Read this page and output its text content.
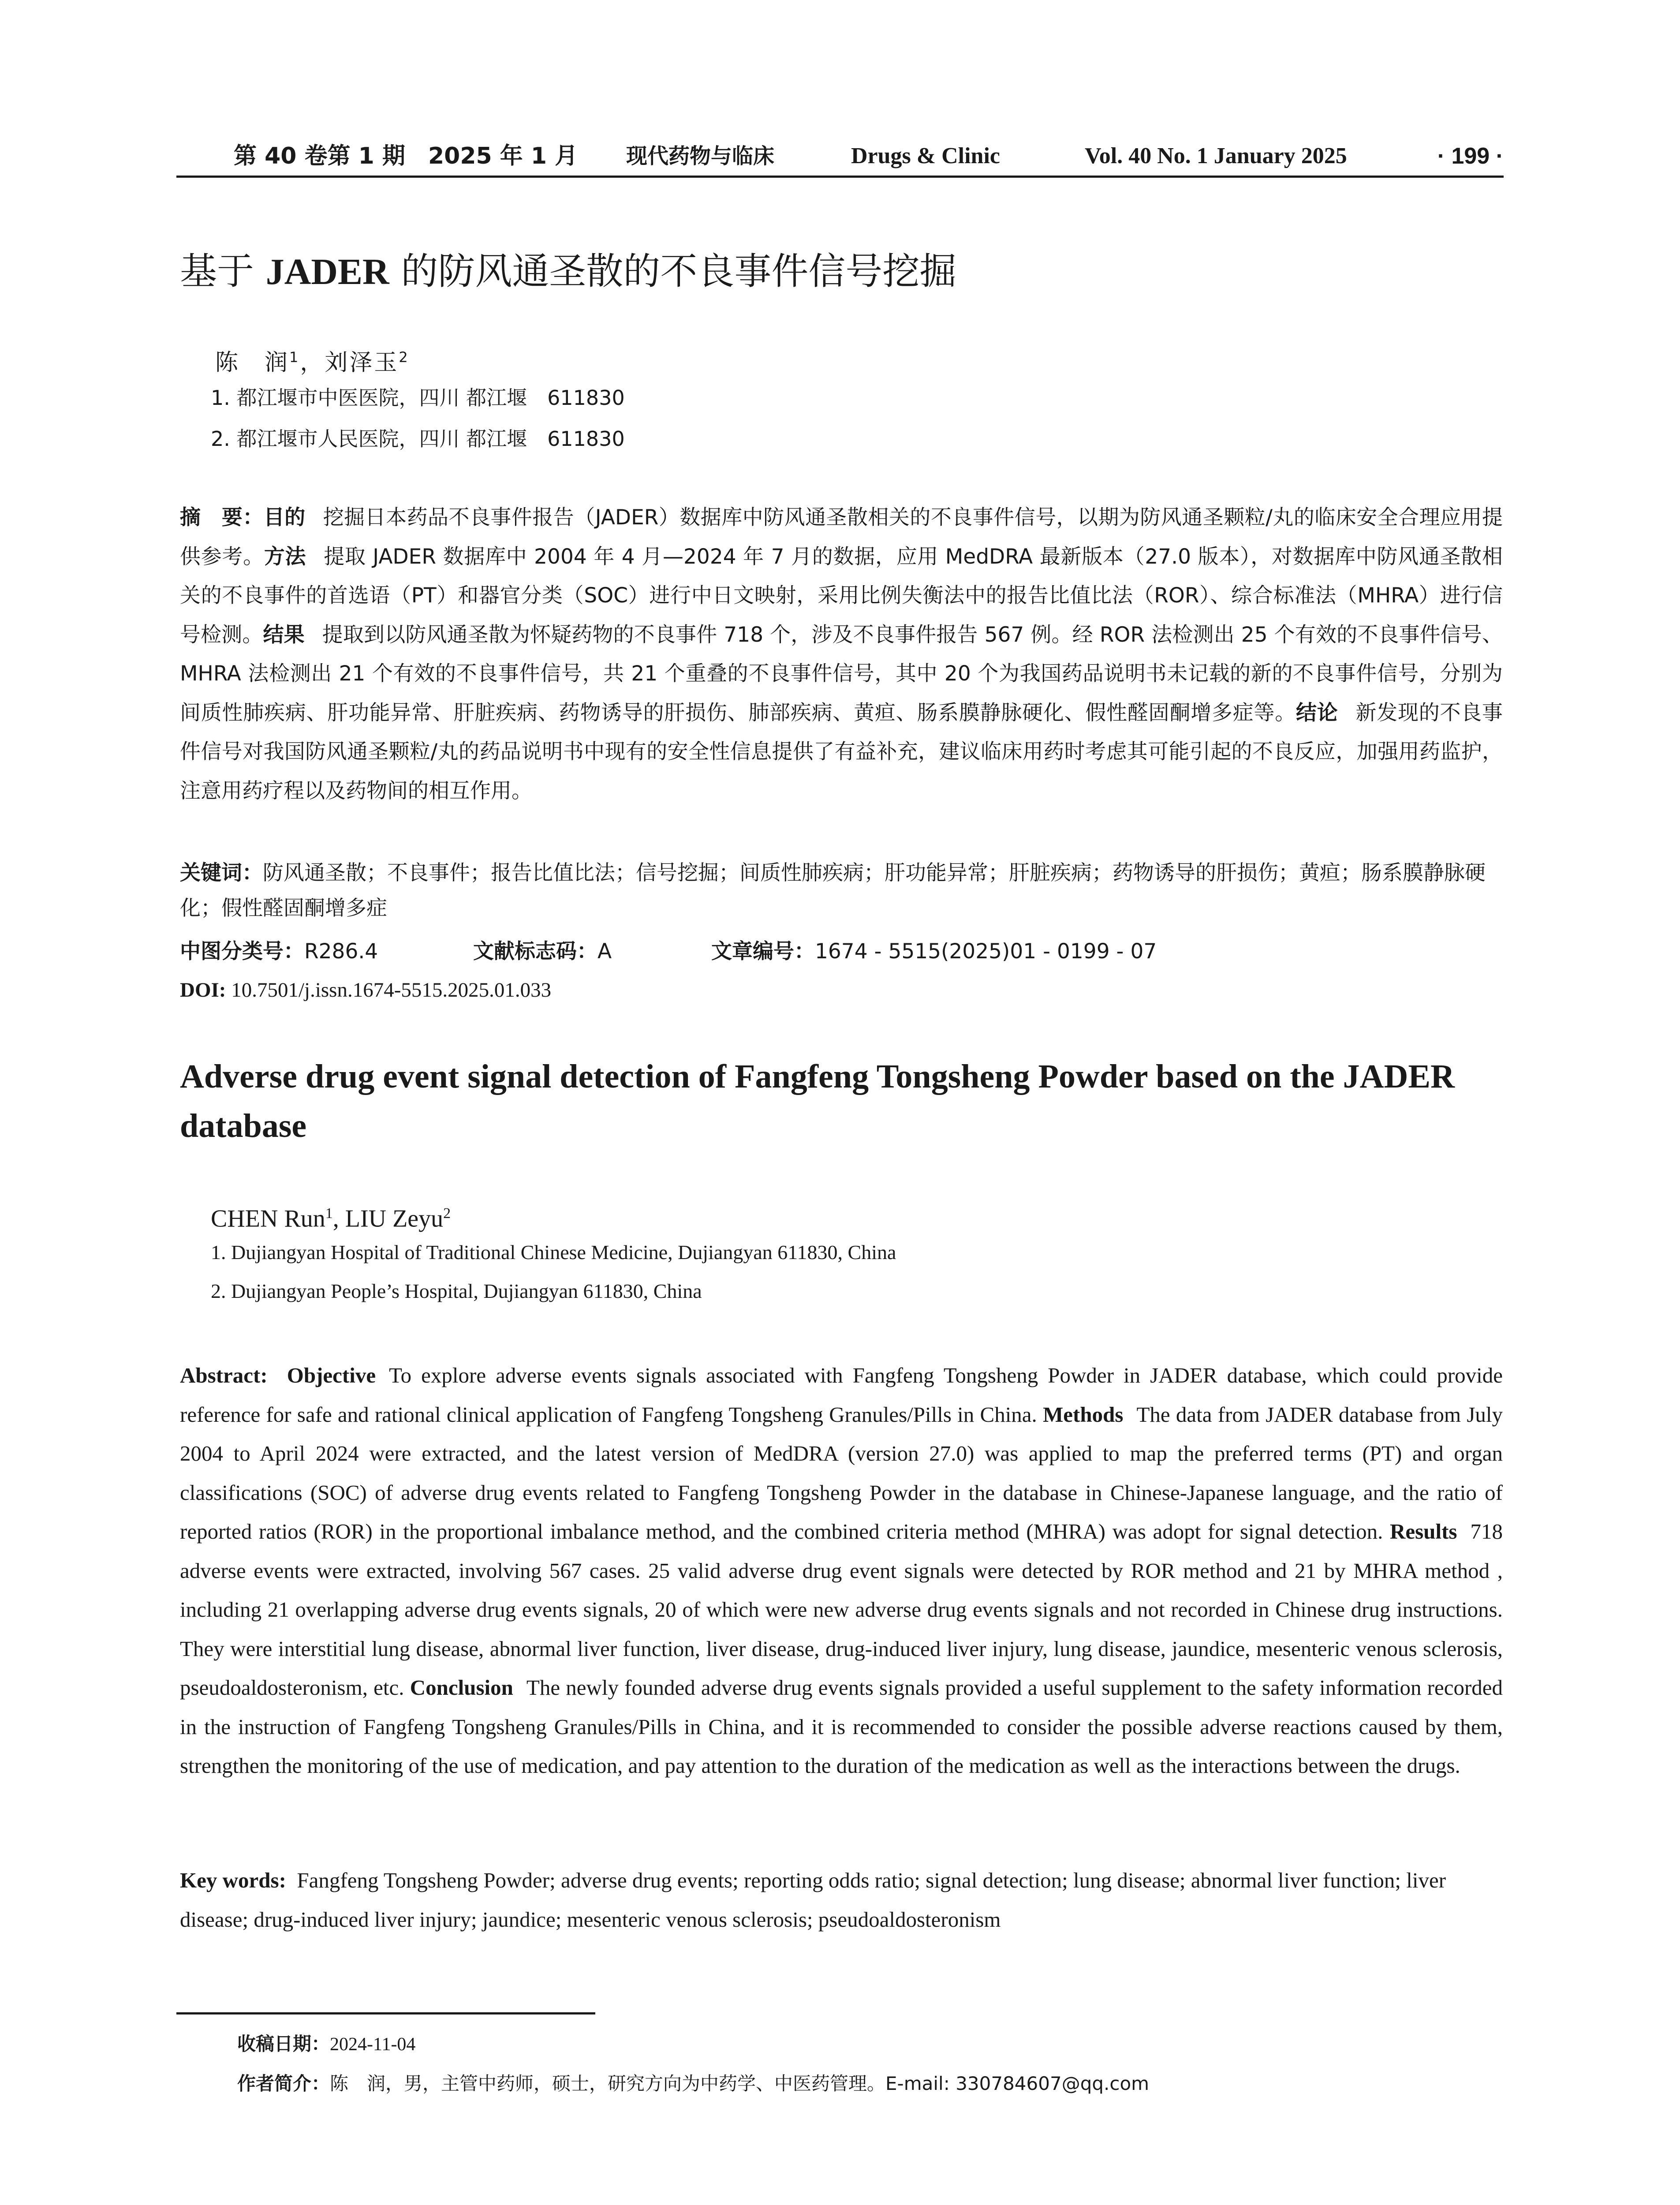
第 40 卷第 1 期　2025 年 1 月 现代药物与临床	Drugs & Clinic	Vol. 40 No. 1 January 2025	· 199 ·
基于 JADER 的防风通圣散的不良事件信号挖掘
陈　润$^1$，刘泽玉$^2$
1. 都江堰市中医医院，四川 都江堰　611830
2. 都江堰市人民医院，四川 都江堰　611830
摘　要：目的 挖掘日本药品不良事件报告（JADER）数据库中防风通圣散相关的不良事件信号，以期为防风通圣颗粒/丸的临床安全合理应用提供参考。方法 提取 JADER 数据库中 2004 年 4 月—2024 年 7 月的数据，应用 MedDRA 最新版本（27.0 版本），对数据库中防风通圣散相关的不良事件的首选语（PT）和器官分类（SOC）进行中日文映射，采用比例失衡法中的报告比值比法（ROR）、综合标准法（MHRA）进行信号检测。结果 提取到以防风通圣散为怀疑药物的不良事件 718 个，涉及不良事件报告 567 例。经 ROR 法检测出 25 个有效的不良事件信号、MHRA 法检测出 21 个有效的不良事件信号，共 21 个重叠的不良事件信号，其中 20 个为我国药品说明书未记载的新的不良事件信号，分别为间质性肺疾病、肝功能异常、肝脏疾病、药物诱导的肝损伤、肺部疾病、黄疸、肠系膜静脉硬化、假性醛固酮增多症等。结论 新发现的不良事件信号对我国防风通圣颗粒/丸的药品说明书中现有的安全性信息提供了有益补充，建议临床用药时考虑其可能引起的不良反应，加强用药监护，注意用药疗程以及药物间的相互作用。
关键词：防风通圣散；不良事件；报告比值比法；信号挖掘；间质性肺疾病；肝功能异常；肝脏疾病；药物诱导的肝损伤；黄疸；肠系膜静脉硬化；假性醛固酮增多症
中图分类号：R286.4	文献标志码：A	文章编号：1674 - 5515(2025)01 - 0199 - 07
DOI: 10.7501/j.issn.1674-5515.2025.01.033
Adverse drug event signal detection of Fangfeng Tongsheng Powder based on the JADER database
CHEN Run$^1$, LIU Zeyu$^2$
1. Dujiangyan Hospital of Traditional Chinese Medicine, Dujiangyan 611830, China
2. Dujiangyan People’s Hospital, Dujiangyan 611830, China
Abstract: Objective To explore adverse events signals associated with Fangfeng Tongsheng Powder in JADER database, which could provide reference for safe and rational clinical application of Fangfeng Tongsheng Granules/Pills in China. Methods The data from JADER database from July 2004 to April 2024 were extracted, and the latest version of MedDRA (version 27.0) was applied to map the preferred terms (PT) and organ classifications (SOC) of adverse drug events related to Fangfeng Tongsheng Powder in the database in Chinese-Japanese language, and the ratio of reported ratios (ROR) in the proportional imbalance method, and the combined criteria method (MHRA) was adopt for signal detection. Results 718 adverse events were extracted, involving 567 cases. 25 valid adverse drug event signals were detected by ROR method and 21 by MHRA method , including 21 overlapping adverse drug events signals, 20 of which were new adverse drug events signals and not recorded in Chinese drug instructions. They were interstitial lung disease, abnormal liver function, liver disease, drug-induced liver injury, lung disease, jaundice, mesenteric venous sclerosis, pseudoaldosteronism, etc. Conclusion The newly founded adverse drug events signals provided a useful supplement to the safety information recorded in the instruction of Fangfeng Tongsheng Granules/Pills in China, and it is recommended to consider the possible adverse reactions caused by them, strengthen the monitoring of the use of medication, and pay attention to the duration of the medication as well as the interactions between the drugs.
Key words: Fangfeng Tongsheng Powder; adverse drug events; reporting odds ratio; signal detection; lung disease; abnormal liver function; liver disease; drug-induced liver injury; jaundice; mesenteric venous sclerosis; pseudoaldosteronism
收稿日期：2024-11-04
作者简介：陈　润，男，主管中药师，硕士，研究方向为中药学、中医药管理。E-mail: 330784607@qq.com
